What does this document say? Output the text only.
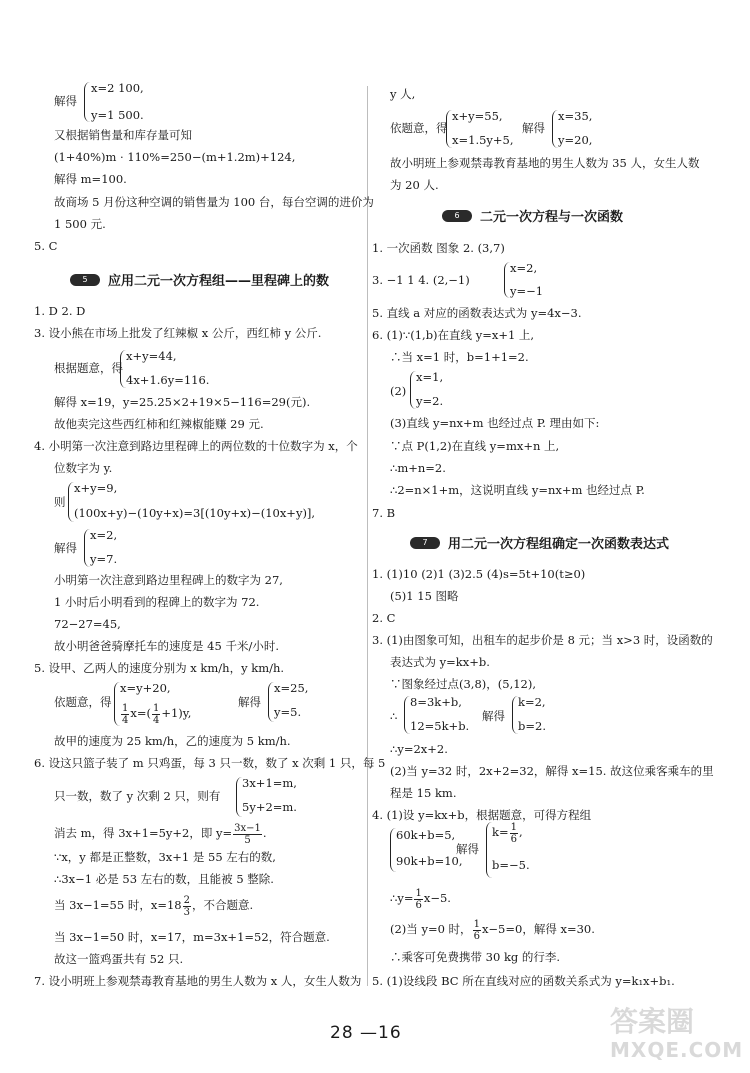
解得
x=2 100,
y=1 500.
又根据销售量和库存量可知
(1+40%)m · 110%=250−(m+1.2m)+124,
解得 m=100.
故商场 5 月份这种空调的销售量为 100 台，每台空调的进价为
1 500 元.
5. C
5	应用二元一次方程组——里程碑上的数
1. D 2. D
3. 设小熊在市场上批发了红辣椒 x 公斤，西红柿 y 公斤.
根据题意，得
x+y=44,
4x+1.6y=116.
解得 x=19，y=25.25×2+19×5−116=29(元).
故他卖完这些西红柿和红辣椒能赚 29 元.
4. 小明第一次注意到路边里程碑上的两位数的十位数字为 x，个
位数字为 y.
则
x+y=9,
(100x+y)−(10y+x)=3[(10y+x)−(10x+y)],
解得
x=2,
y=7.
小明第一次注意到路边里程碑上的数字为 27,
1 小时后小明看到的程碑上的数字为 72.
72−27=45,
故小明爸爸骑摩托车的速度是 45 千米/小时.
5. 设甲、乙两人的速度分别为 x km/h，y km/h.
依题意，得
x=y+20,
$\frac{1}{4} x=( \frac{1}{4} +1)y$,
解得
x=25,
y=5.
故甲的速度为 25 km/h，乙的速度为 5 km/h.
6. 设这只篮子装了 m 只鸡蛋，每 3 只一数，数了 x 次剩 1 只，每 5
只一数，数了 y 次剩 2 只，则有
3x+1=m,
5y+2=m.
消去 m，得 3x+1=5y+2，即 $y= \frac{3x-1}{5}$ .
∵x，y 都是正整数，3x+1 是 55 左右的数,
∴3x−1 必是 53 左右的数，且能被 5 整除.
当 3x−1=55 时，$x=18 \frac{2}{3}$ ，不合题意.
当 3x−1=50 时，x=17，m=3x+1=52，符合题意.
故这一篮鸡蛋共有 52 只.
7. 设小明班上参观禁毒教育基地的男生人数为 x 人，女生人数为
y 人,
依题意，得
x+y=55,
x=1.5y+5,
解得
x=35,
y=20,
故小明班上参观禁毒教育基地的男生人数为 35 人，女生人数
为 20 人.
6	二元一次方程与一次函数
1. 一次函数 图象 2. (3,7)
3. −1 1 4. (2,−1)
x=2,
y=−1
5. 直线 a 对应的函数表达式为 y=4x−3.
6. (1)∵(1,b)在直线 y=x+1 上,
∴当 x=1 时，b=1+1=2.
(2)
x=1,
y=2.
(3)直线 y=nx+m 也经过点 P. 理由如下:
∵点 P(1,2)在直线 y=mx+n 上,
∴m+n=2.
∴2=n×1+m，这说明直线 y=nx+m 也经过点 P.
7. B
7	用二元一次方程组确定一次函数表达式
1. (1)10 (2)1 (3)2.5 (4)s=5t+10(t≥0)
(5)1 15 图略
2. C
3. (1)由图象可知，出租车的起步价是 8 元；当 x>3 时，设函数的
表达式为 y=kx+b.
∵图象经过点(3,8)，(5,12),
∴
8=3k+b,
12=5k+b.
解得
k=2,
b=2.
∴y=2x+2.
(2)当 y=32 时，2x+2=32，解得 x=15. 故这位乘客乘车的里
程是 15 km.
4. (1)设 y=kx+b，根据题意，可得方程组
60k+b=5,
90k+b=10,
解得
$k= \frac{1}{6}$ ,
b=−5.
∴y= $\frac{1}{6} x-5$.
(2)当 y=0 时， $\frac{1}{6} x-5=0$，解得 x=30.
∴乘客可免费携带 30 kg 的行李.
5. (1)设线段 BC 所在直线对应的函数关系式为 y=k₁x+b₁.
28 —16	答案圈
MXQE.COM
